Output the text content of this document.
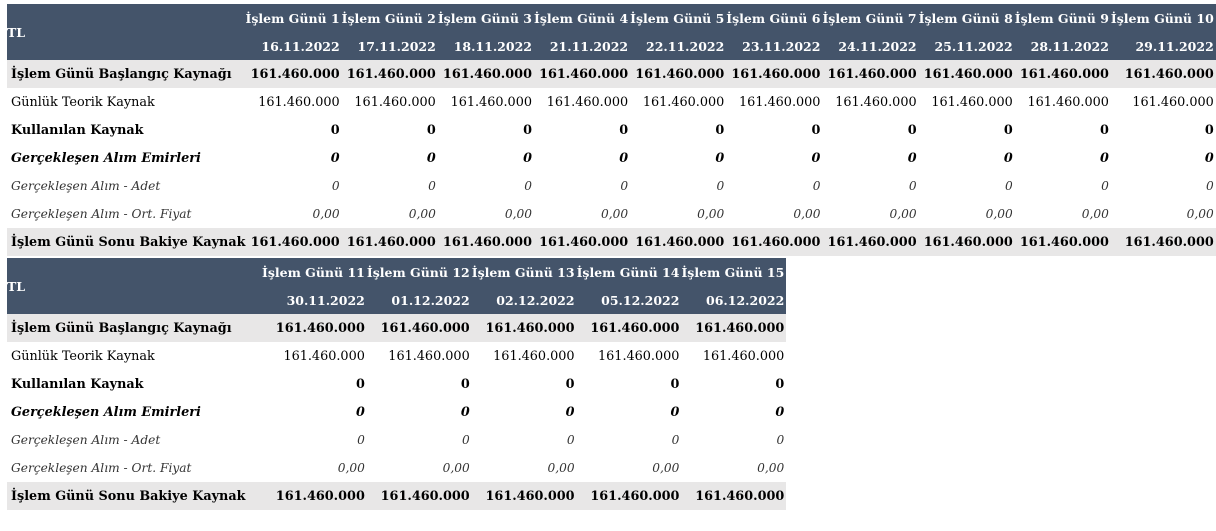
TL	İşlem Günü 1	İşlem Günü 2	İşlem Günü 3	İşlem Günü 4	İşlem Günü 5	İşlem Günü 6	İşlem Günü 7	İşlem Günü 8	İşlem Günü 9	İşlem Günü 10
	16.11.2022	17.11.2022	18.11.2022	21.11.2022	22.11.2022	23.11.2022	24.11.2022	25.11.2022	28.11.2022	29.11.2022
İşlem Günü Başlangıç Kaynağı	161.460.000	161.460.000	161.460.000	161.460.000	161.460.000	161.460.000	161.460.000	161.460.000	161.460.000	161.460.000
Günlük Teorik Kaynak	161.460.000	161.460.000	161.460.000	161.460.000	161.460.000	161.460.000	161.460.000	161.460.000	161.460.000	161.460.000
Kullanılan Kaynak	0	0	0	0	0	0	0	0	0	0
Gerçekleşen Alım Emirleri	0	0	0	0	0	0	0	0	0	0
Gerçekleşen Alım - Adet	0	0	0	0	0	0	0	0	0	0
Gerçekleşen Alım - Ort. Fiyat	0,00	0,00	0,00	0,00	0,00	0,00	0,00	0,00	0,00	0,00
İşlem Günü Sonu Bakiye Kaynak	161.460.000	161.460.000	161.460.000	161.460.000	161.460.000	161.460.000	161.460.000	161.460.000	161.460.000	161.460.000
TL	İşlem Günü 11	İşlem Günü 12	İşlem Günü 13	İşlem Günü 14	İşlem Günü 15
	30.11.2022	01.12.2022	02.12.2022	05.12.2022	06.12.2022
İşlem Günü Başlangıç Kaynağı	161.460.000	161.460.000	161.460.000	161.460.000	161.460.000
Günlük Teorik Kaynak	161.460.000	161.460.000	161.460.000	161.460.000	161.460.000
Kullanılan Kaynak	0	0	0	0	0
Gerçekleşen Alım Emirleri	0	0	0	0	0
Gerçekleşen Alım - Adet	0	0	0	0	0
Gerçekleşen Alım - Ort. Fiyat	0,00	0,00	0,00	0,00	0,00
İşlem Günü Sonu Bakiye Kaynak	161.460.000	161.460.000	161.460.000	161.460.000	161.460.000
